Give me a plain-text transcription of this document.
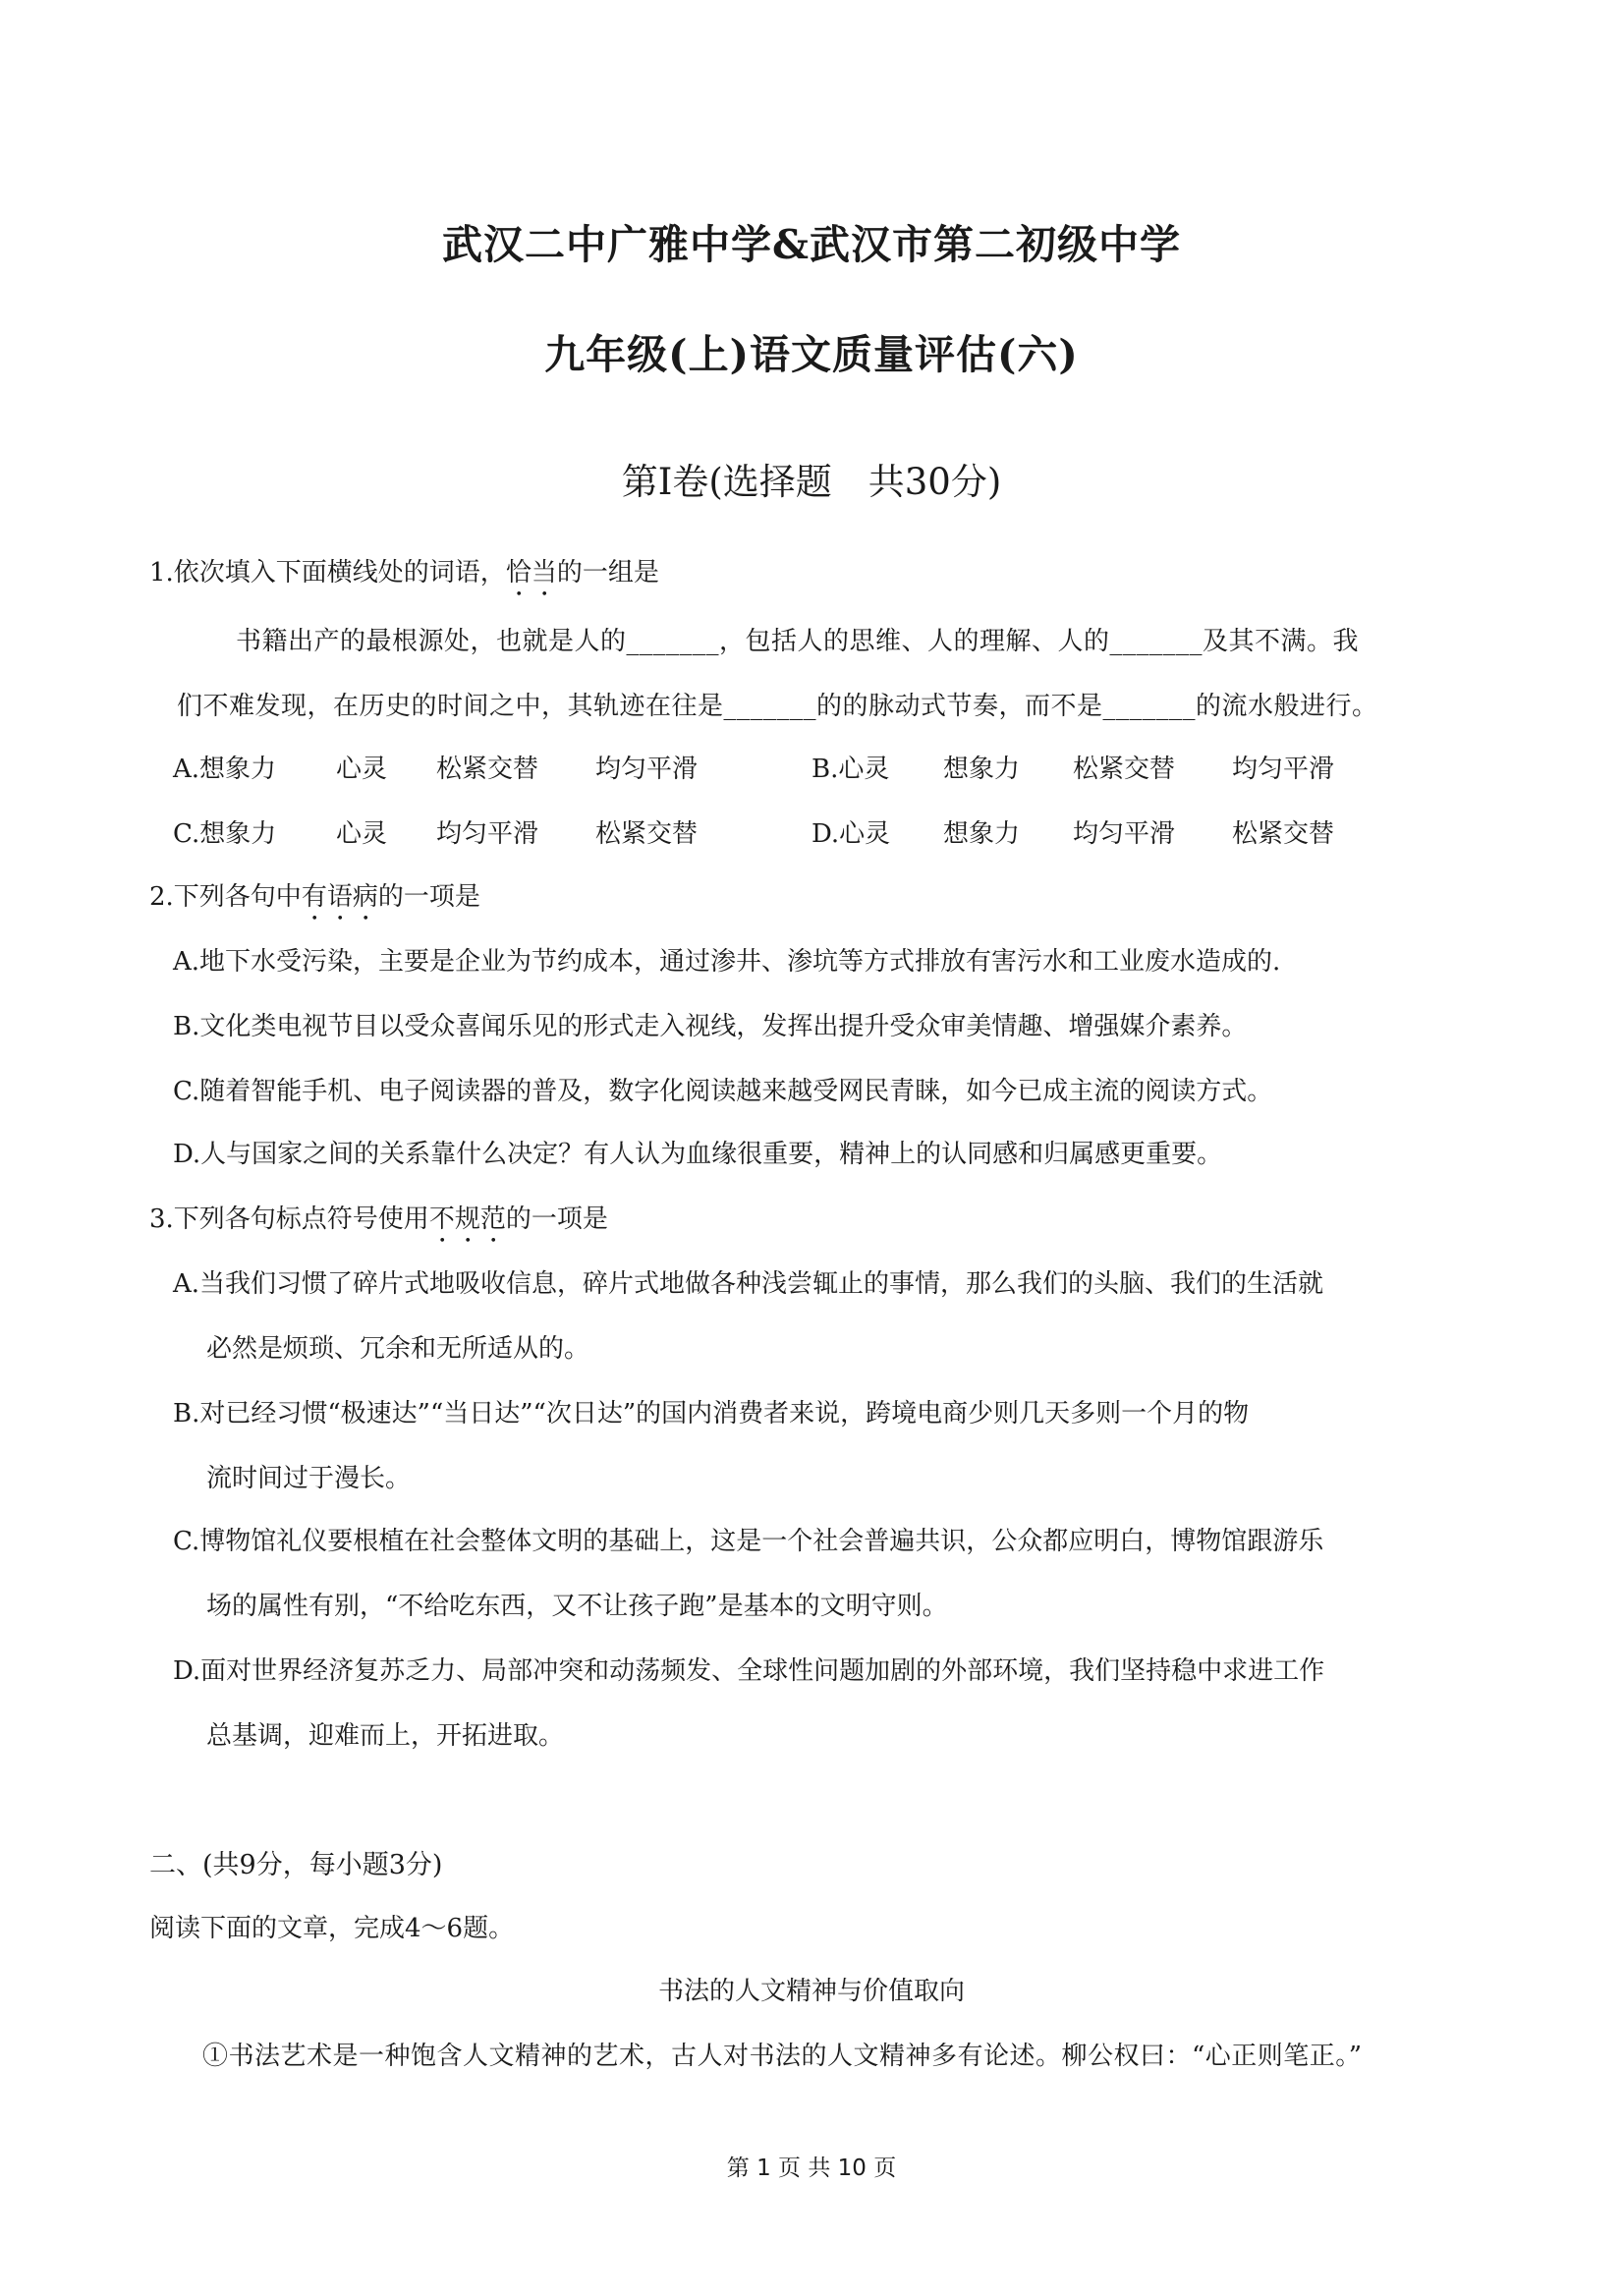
武汉二中广雅中学&武汉市第二初级中学
九年级(上)语文质量评估(六)
第Ⅰ卷(选择题　共30分)
1.依次填入下面横线处的词语，恰当的一组是
书籍出产的最根源处，也就是人的_______，包括人的思维、人的理解、人的_______及其不满。我
们不难发现，在历史的时间之中，其轨迹在往是_______的的脉动式节奏，而不是_______的流水般进行。
A.想象力 心灵 松紧交替 均匀平滑	B.心灵 想象力 松紧交替 均匀平滑
C.想象力 心灵 均匀平滑 松紧交替	D.心灵 想象力 均匀平滑 松紧交替
2.下列各句中有语病的一项是
A.地下水受污染，主要是企业为节约成本，通过渗井、渗坑等方式排放有害污水和工业废水造成的.
B.文化类电视节目以受众喜闻乐见的形式走入视线，发挥出提升受众审美情趣、增强媒介素养。
C.随着智能手机、电子阅读器的普及，数字化阅读越来越受网民青睐，如今已成主流的阅读方式。
D.人与国家之间的关系靠什么决定？有人认为血缘很重要，精神上的认同感和归属感更重要。
3.下列各句标点符号使用不规范的一项是
A.当我们习惯了碎片式地吸收信息，碎片式地做各种浅尝辄止的事情，那么我们的头脑、我们的生活就
必然是烦琐、冗余和无所适从的。
B.对已经习惯“极速达”“当日达”“次日达”的国内消费者来说，跨境电商少则几天多则一个月的物
流时间过于漫长。
C.博物馆礼仪要根植在社会整体文明的基础上，这是一个社会普遍共识，公众都应明白，博物馆跟游乐
场的属性有别，“不给吃东西，又不让孩子跑”是基本的文明守则。
D.面对世界经济复苏乏力、局部冲突和动荡频发、全球性问题加剧的外部环境，我们坚持稳中求进工作
总基调，迎难而上，开拓进取。
二、(共9分，每小题3分)
阅读下面的文章，完成4～6题。
书法的人文精神与价值取向
①书法艺术是一种饱含人文精神的艺术，古人对书法的人文精神多有论述。柳公权曰：“心正则笔正。”
第 1 页 共 10 页
